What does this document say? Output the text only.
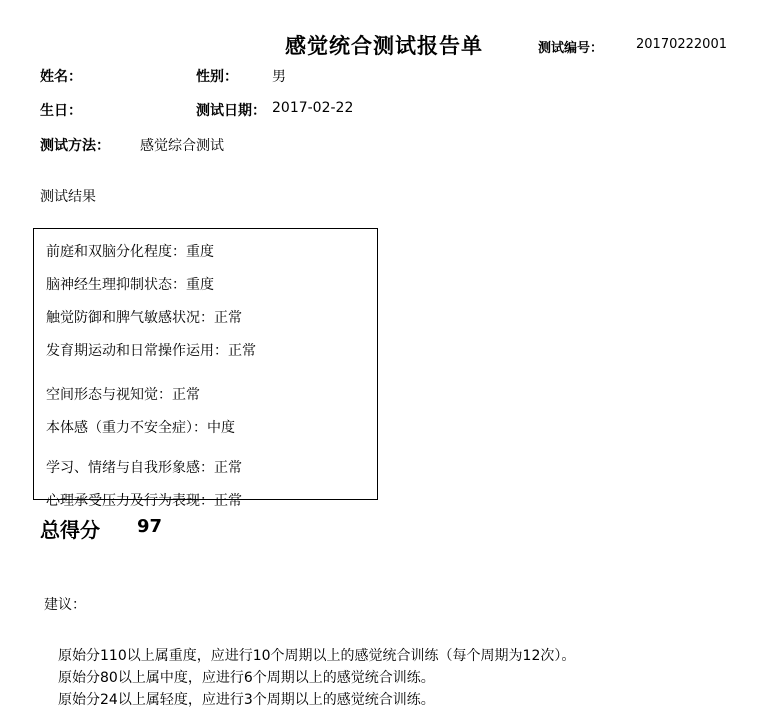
感觉统合测试报告单	测试编号：	20170222001
姓名：	性别： 男
生日：	测试日期： 2017-02-22
测试方法： 感觉综合测试
测试结果
前庭和双脑分化程度：重度
脑神经生理抑制状态：重度
触觉防御和脾气敏感状况：正常
发育期运动和日常操作运用：正常
空间形态与视知觉：正常
本体感（重力不安全症）：中度
学习、情绪与自我形象感：正常
心理承受压力及行为表现：正常
总得分 97
建议：
原始分110以上属重度，应进行10个周期以上的感觉统合训练（每个周期为12次）。
原始分80以上属中度，应进行6个周期以上的感觉统合训练。
原始分24以上属轻度，应进行3个周期以上的感觉统合训练。
